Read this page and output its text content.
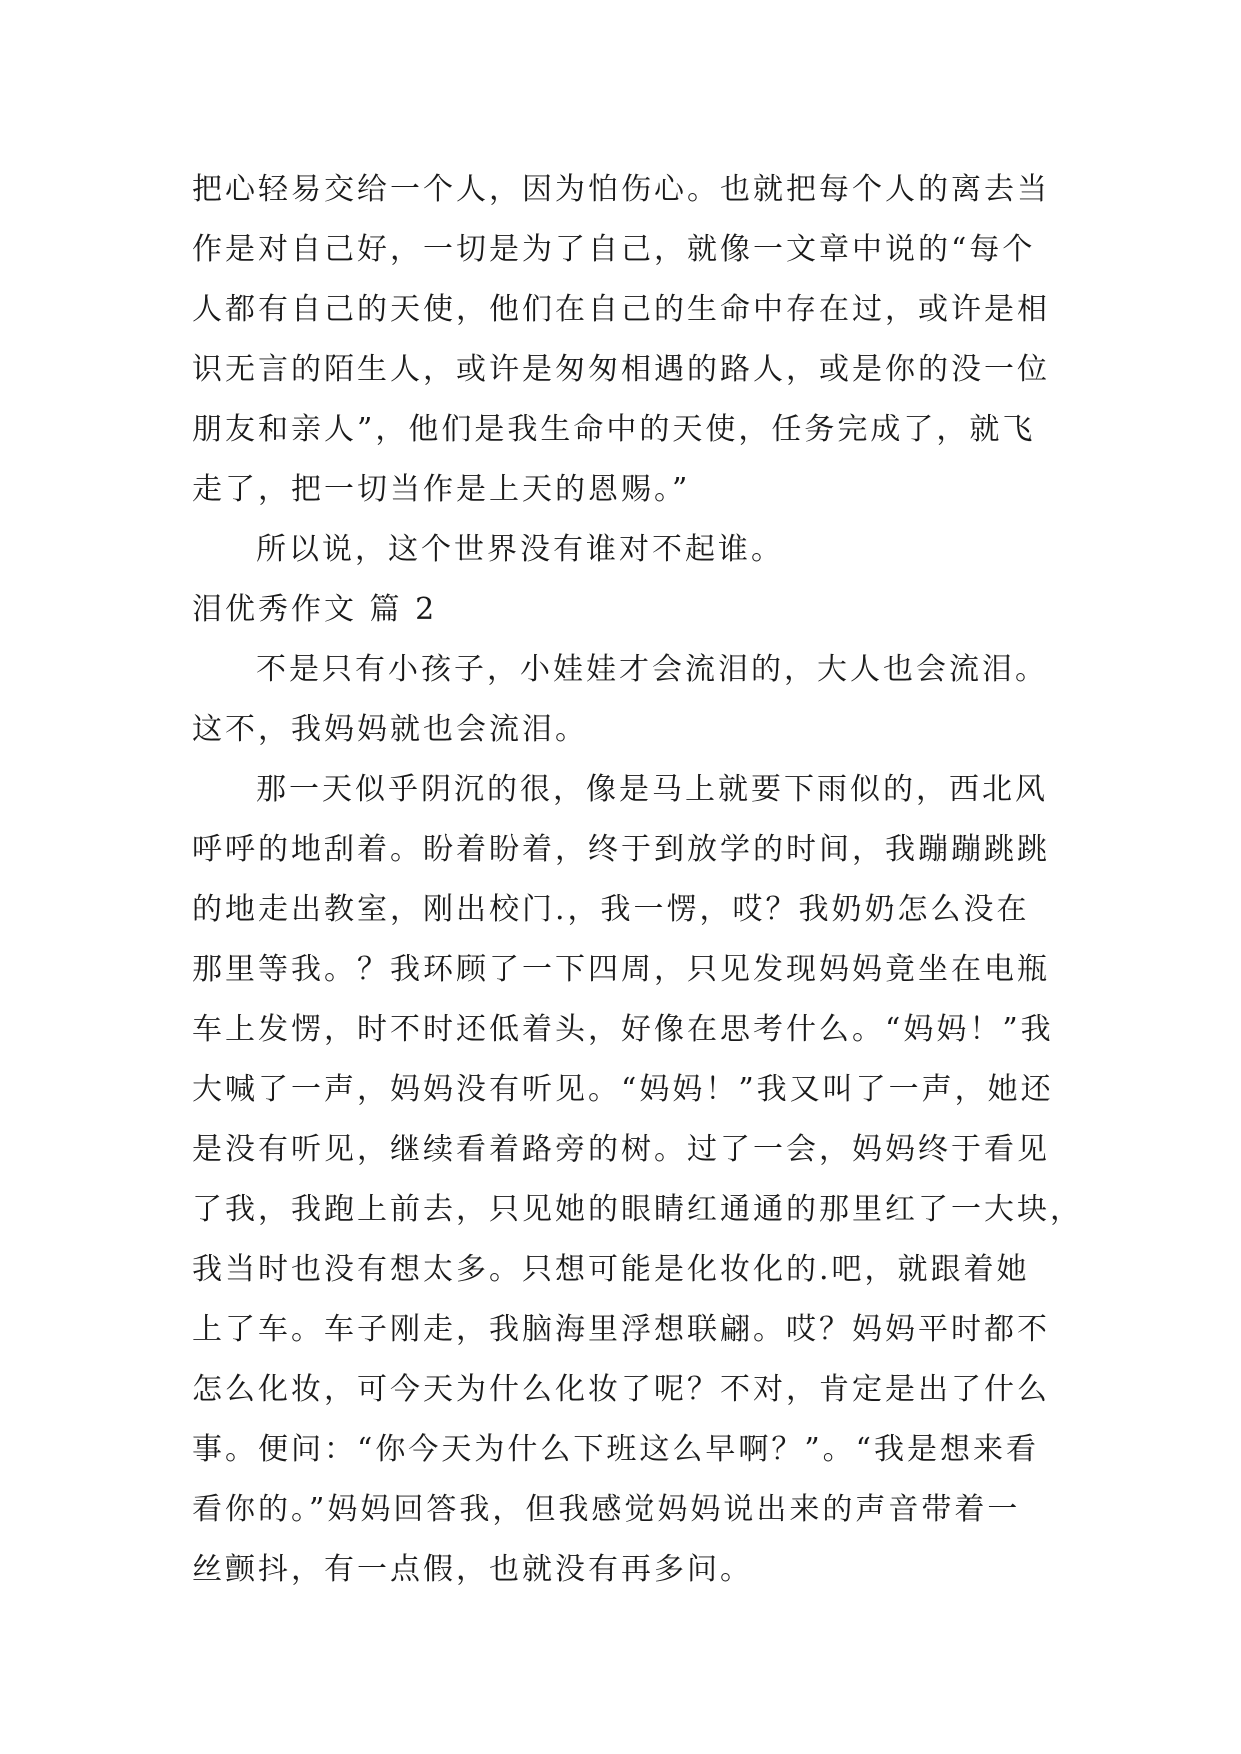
把心轻易交给一个人，因为怕伤心。也就把每个人的离去当
作是对自己好，一切是为了自己，就像一文章中说的“每个
人都有自己的天使，他们在自己的生命中存在过，或许是相
识无言的陌生人，或许是匆匆相遇的路人，或是你的没一位
朋友和亲人”，他们是我生命中的天使，任务完成了，就飞
走了，把一切当作是上天的恩赐。”
所以说，这个世界没有谁对不起谁。
泪优秀作文 篇 2
不是只有小孩子，小娃娃才会流泪的，大人也会流泪。
这不，我妈妈就也会流泪。
那一天似乎阴沉的很，像是马上就要下雨似的，西北风
呼呼的地刮着。盼着盼着，终于到放学的时间，我蹦蹦跳跳
的地走出教室，刚出校门.，我一愣，哎？我奶奶怎么没在
那里等我。？我环顾了一下四周，只见发现妈妈竟坐在电瓶
车上发愣，时不时还低着头，好像在思考什么。“妈妈！”我
大喊了一声，妈妈没有听见。“妈妈！”我又叫了一声，她还
是没有听见，继续看着路旁的树。过了一会，妈妈终于看见
了我，我跑上前去，只见她的眼睛红通通的那里红了一大块，
我当时也没有想太多。只想可能是化妆化的.吧，就跟着她
上了车。车子刚走，我脑海里浮想联翩。哎？妈妈平时都不
怎么化妆，可今天为什么化妆了呢？不对，肯定是出了什么
事。便问：“你今天为什么下班这么早啊？”。“我是想来看
看你的。”妈妈回答我，但我感觉妈妈说出来的声音带着一
丝颤抖，有一点假，也就没有再多问。
